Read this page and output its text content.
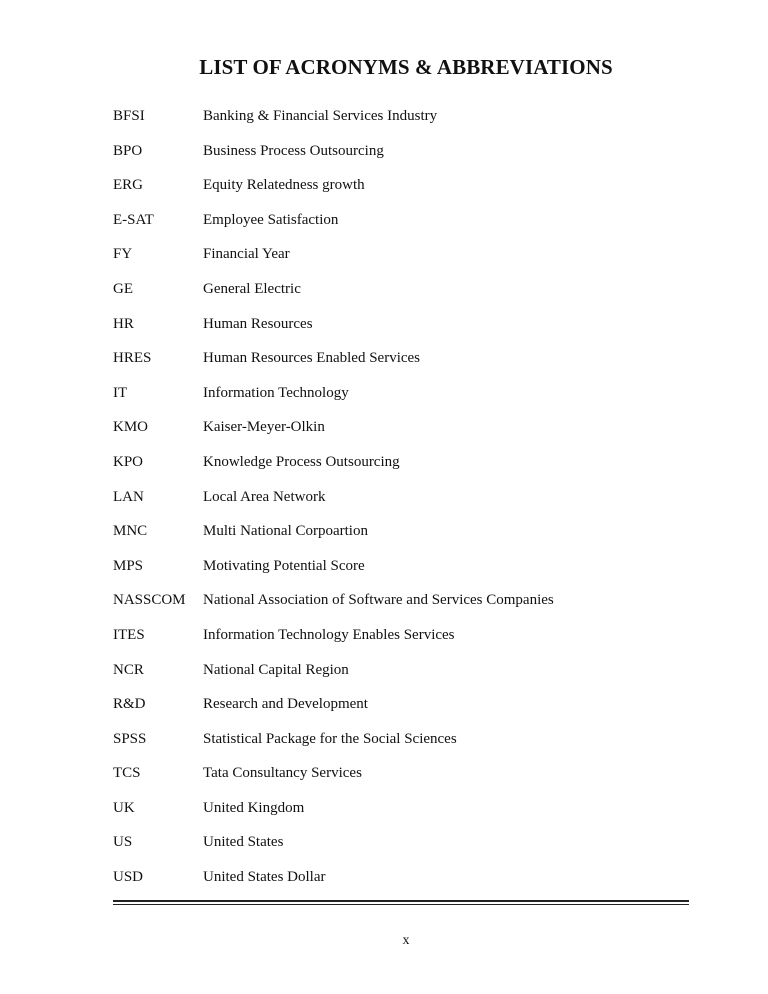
LIST OF ACRONYMS & ABBREVIATIONS
BFSI	Banking & Financial Services Industry
BPO	Business Process Outsourcing
ERG	Equity Relatedness growth
E-SAT	Employee Satisfaction
FY	Financial Year
GE	General Electric
HR	Human Resources
HRES	Human Resources Enabled Services
IT	Information Technology
KMO	Kaiser-Meyer-Olkin
KPO	Knowledge Process Outsourcing
LAN	Local Area Network
MNC	Multi National Corpoartion
MPS	Motivating Potential Score
NASSCOM National Association of Software and Services Companies
ITES	Information Technology Enables Services
NCR	National Capital Region
R&D	Research and Development
SPSS	Statistical Package for the Social Sciences
TCS	Tata Consultancy Services
UK	United Kingdom
US	United States
USD	United States Dollar
x
